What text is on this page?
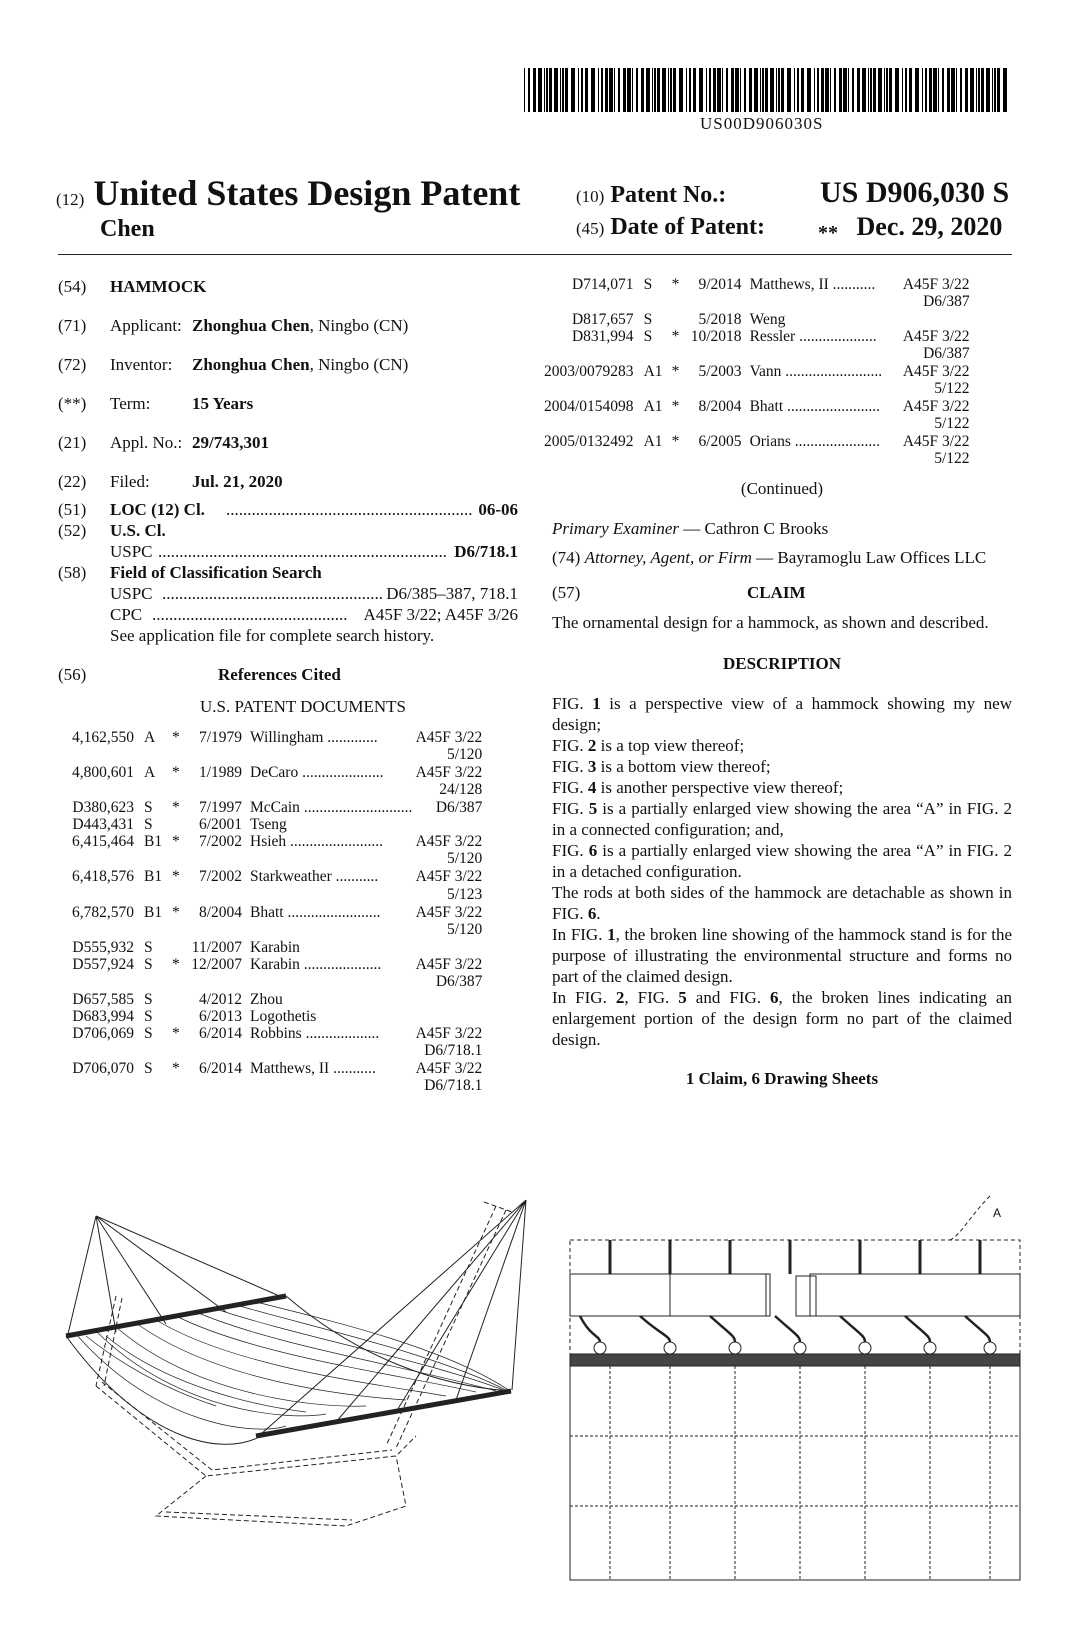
US00D906030S
(12) United States Design Patent
Chen
(10) Patent No.:	US D906,030 S
(45) Date of Patent:	** Dec. 29, 2020
(54) HAMMOCK
(71) Applicant: Zhonghua Chen, Ningbo (CN)
(72) Inventor: Zhonghua Chen, Ningbo (CN)
(**) Term: 15 Years
(21) Appl. No.: 29/743,301
(22) Filed: Jul. 21, 2020
(51) LOC (12) Cl. .......................................................... 06-06
(52) U.S. Cl.
USPC .................................................................... D6/718.1
(58) Field of Classification Search
USPC .................................................... D6/385–387, 718.1
CPC .............................................. A45F 3/22; A45F 3/26
See application file for complete search history.
(56)	References Cited
U.S. PATENT DOCUMENTS
4,162,550	A	*	7/1979	Willingham .............	A45F 3/22
5/120					
4,800,601	A	*	1/1989	DeCaro .....................	A45F 3/22
24/128					
D380,623	S	*	7/1997	McCain ............................	D6/387
D443,431	S		6/2001	Tseng	
6,415,464	B1	*	7/2002	Hsieh ........................	A45F 3/22
5/120					
6,418,576	B1	*	7/2002	Starkweather ...........	A45F 3/22
5/123					
6,782,570	B1	*	8/2004	Bhatt ........................	A45F 3/22
5/120					
D555,932	S		11/2007	Karabin	
D557,924	S	*	12/2007	Karabin ....................	A45F 3/22
D6/387					
D657,585	S		4/2012	Zhou	
D683,994	S		6/2013	Logothetis	
D706,069	S	*	6/2014	Robbins ...................	A45F 3/22
D6/718.1					
D706,070	S	*	6/2014	Matthews, II ...........	A45F 3/22
D6/718.1					
D714,071	S	*	9/2014	Matthews, II ...........	A45F 3/22
D6/387					
D817,657	S		5/2018	Weng	
D831,994	S	*	10/2018	Ressler ....................	A45F 3/22
D6/387					
2003/0079283	A1	*	5/2003	Vann .........................	A45F 3/22
5/122					
2004/0154098	A1	*	8/2004	Bhatt ........................	A45F 3/22
5/122					
2005/0132492	A1	*	6/2005	Orians ......................	A45F 3/22
5/122					
(Continued)
Primary Examiner — Cathron C Brooks
(74) Attorney, Agent, or Firm — Bayramoglu Law Offices LLC
(57)	CLAIM

The ornamental design for a hammock, as shown and described.

DESCRIPTION

FIG. 1 is a perspective view of a hammock showing my new design;

FIG. 2 is a top view thereof;

FIG. 3 is a bottom view thereof;

FIG. 4 is another perspective view thereof;

FIG. 5 is a partially enlarged view showing the area “A” in FIG. 2 in a connected configuration; and,

FIG. 6 is a partially enlarged view showing the area “A” in FIG. 2 in a detached configuration.

The rods at both sides of the hammock are detachable as shown in FIG. 6.

In FIG. 1, the broken line showing of the hammock stand is for the purpose of illustrating the environmental structure and forms no part of the claimed design.

In FIG. 2, FIG. 5 and FIG. 6, the broken lines indicating an enlargement portion of the design form no part of the claimed design.

1 Claim, 6 Drawing Sheets
A
